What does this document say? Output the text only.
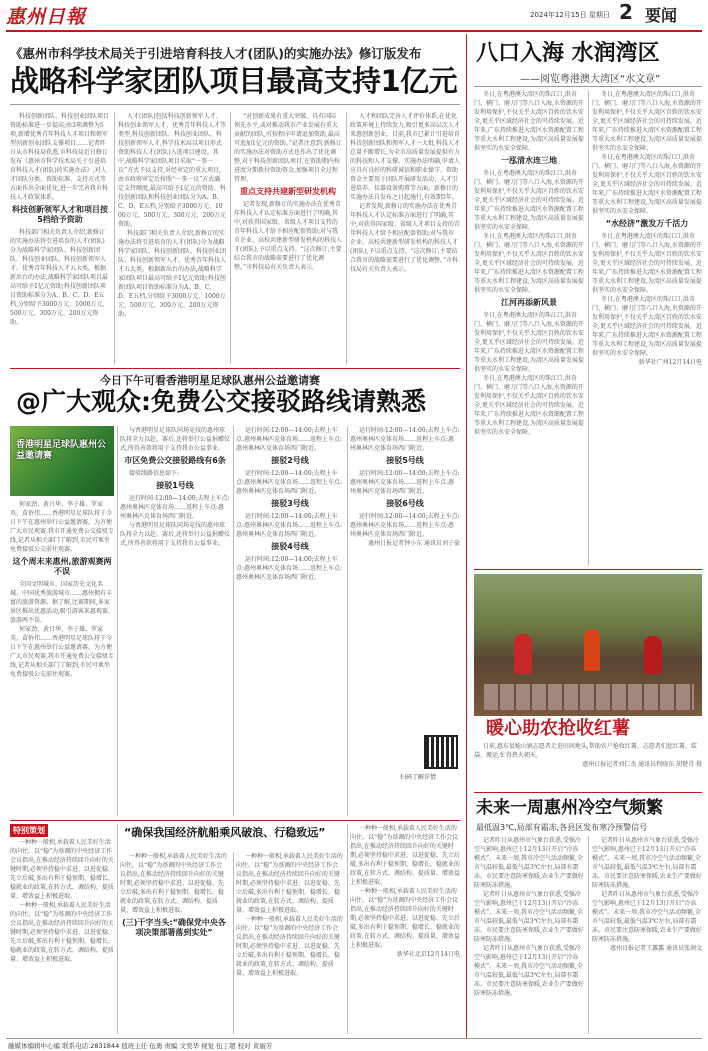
惠州日報	2024年12月15日 星期日 2 要闻
《惠州市科学技术局关于引进培育科技人才(团队)的实施办法》修订版发布
战略科学家团队项目最高支持1亿元

科技创新团队、科技创业团队项目资助标准进一步提高;由3项调整为5项,新增优秀青年科技人才项目和领军型创新创业团队支撑项目……记者昨日从市科技局获悉,市科技局近日修订发布《惠州市科学技术局关于引进培育科技人才(团队)的实施办法》,对人才团队分类、资助标准、支持方式等方面作出全面优化,进一步完善我市科技人才政策体系。

科技创新领军人才和项目按5档给予资助

科技部门相关负责人介绍,新修订的实施办法将引进培育的人才(团队)分为战略科学家团队、科技创新团队、科技创业团队、科技创新领军人才、优秀青年科技人才五大类。根据新出台的办法,战略科学家团队项目最高可给予1亿元资助;科技创新团队项目资助标准分为A、B、C、D、E五档,分别给予3000万元、1000万元、500万元、300万元、200万元资助。

人才(团队)包括科技创新领军人才、科技创业领军人才、优秀青年科技人才等类型,科技创新团队、科技创业团队、科技创新领军人才,科学技术局以项目形式资助科技人才(团队)入选项目建设。其中,战略科学家团队项目采取“一事一议”方式予以支持,对经审定的重大项目,由市政府审定后按照“一事一议”方式确定支持额度,最高可给予1亿元的资助。科技创新团队和科技创业团队分为A、B、C、D、E五档,分别给予3000万元、1000万元、500万元、300万元、200万元资助。

科技部门相关负责人介绍,新修订的实施办法将引进培育的人才(团队)分为战略科学家团队、科技创新团队、科技创业团队、科技创新领军人才、优秀青年科技人才五大类。根据新出台的办法,战略科学家团队项目最高可给予1亿元资助;科技创新团队项目资助标准分为A、B、C、D、E五档,分别给予3000万元、1000万元、500万元、300万元、200万元资助。

“对创新成果有重大突破、具有国际领先水平,或对推动我市产业发展有重大贡献的团队,可按程序申请追加资助,最高可追加1亿元的资助。”记者注意到,新修订的实施办法对资助方式也作出了优化调整,对于科技创新团队项目,在资助期内按进度分期拨付资助资金,加强项目全过程管理。

重点支持共建新型研发机构

记者发现,新修订的实施办法在优秀青年科技人才认定标准方面进行了明确,其中,对获得国家级、省级人才项目支持的青年科技人才给予相应配套资助;对与我市企业、高校共建新型研发机构的科技人才(团队),予以重点支持。“这次修订,主要结合我市的战略需要进行了优化调整。”市科技局有关负责人表示。

人才和团队完善人才评价体系,在优化政策环境上持续发力,吸引更多高层次人才来惠创新创业。目前,我市已累计引进培育科技创新团队和领军人才一大批,科技人才总量不断增长,为全市高质量发展提供有力的科技和人才支撑。实施办法明确,申请人应具有良好的科研诚信和职业操守。资助资金主要用于团队开展研发活动、人才引进培养、仪器设备购置等方面。新修订的实施办法自发布之日起施行,有效期5年。

记者发现,新修订的实施办法在优秀青年科技人才认定标准方面进行了明确,其中,对获得国家级、省级人才项目支持的青年科技人才给予相应配套资助;对与我市企业、高校共建新型研发机构的科技人才(团队),予以重点支持。“这次修订,主要结合我市的战略需要进行了优化调整。”市科技局有关负责人表示。

今日下午可看香港明星足球队惠州公益邀请赛
@广大观众:免费公交接驳路线请熟悉
香港明星足球队惠州公益邀请赛

何家劲、黄日华、李子雄、罗家英、苗侨伟……香港明星足球队将于今日下午在惠州举行公益邀请赛。为方便广大市民观赛,我市开通免费公交接驳专线,记者从相关部门了解到,市民可乘坐免费接驳公交前往观赛。

这个周末来惠州,旅游观赛两不误

全国文明城市、国家历史文化名城、中国优秀旅游城市……惠州拥有丰富的旅游资源。据了解,比赛期间,多家景区推出优惠活动,吸引游客来惠观赛、旅游两不误。

何家劲、黄日华、李子雄、罗家英、苗侨伟……香港明星足球队将于今日下午在惠州举行公益邀请赛。为方便广大市民观赛,我市开通免费公交接驳专线,记者从相关部门了解到,市民可乘坐免费接驳公交前往观赛。

与香港明星足球队同场竞技的惠州球队将全力以赴。赛后,还将举行公益捐赠仪式,所得善款将用于支持我市公益事业。

市区免费公交接驳路线有6条

接驳线路信息如下:

接驳1号线

运行时间:12:00—14:00;去程上车点:惠州奥林匹克体育场……返程上车点:惠州奥林匹克体育场西门附近。

与香港明星足球队同场竞技的惠州球队将全力以赴。赛后,还将举行公益捐赠仪式,所得善款将用于支持我市公益事业。

运行时间:12:00—14:00;去程上车点:惠州奥林匹克体育场……返程上车点:惠州奥林匹克体育场西门附近。

接驳2号线

运行时间:12:00—14:00;去程上车点:惠州奥林匹克体育场……返程上车点:惠州奥林匹克体育场西门附近。

接驳3号线

运行时间:12:00—14:00;去程上车点:惠州奥林匹克体育场……返程上车点:惠州奥林匹克体育场西门附近。

接驳4号线

运行时间:12:00—14:00;去程上车点:惠州奥林匹克体育场……返程上车点:惠州奥林匹克体育场西门附近。

运行时间:12:00—14:00;去程上车点:惠州奥林匹克体育场……返程上车点:惠州奥林匹克体育场西门附近。

接驳5号线

运行时间:12:00—14:00;去程上车点:惠州奥林匹克体育场……返程上车点:惠州奥林匹克体育场西门附近。

接驳6号线

运行时间:12:00—14:00;去程上车点:惠州奥林匹克体育场……返程上车点:惠州奥林匹克体育场西门附近。

惠州日报记者钟小东 通讯员刘子豪

扫码了解详情
特别策划

一种种一般相,承载着人民美好生活的向往。以“稳”为基调的中央经济工作会议指出,在推动经济持续回升向好的关键时期,必须坚持稳中求进、以进促稳、先立后破,多出有利于稳预期、稳增长、稳就业的政策,在转方式、调结构、提质量、增效益上积极进取。

一种种一般相,承载着人民美好生活的向往。以“稳”为基调的中央经济工作会议指出,在推动经济持续回升向好的关键时期,必须坚持稳中求进、以进促稳、先立后破,多出有利于稳预期、稳增长、稳就业的政策,在转方式、调结构、提质量、增效益上积极进取。

“确保我国经济航船乘风破浪、行稳致远”

一种种一般相,承载着人民美好生活的向往。以“稳”为基调的中央经济工作会议指出,在推动经济持续回升向好的关键时期,必须坚持稳中求进、以进促稳、先立后破,多出有利于稳预期、稳增长、稳就业的政策,在转方式、调结构、提质量、增效益上积极进取。

(三)干字当头:“确保党中央各项决策部署落到实处”

一种种一般相,承载着人民美好生活的向往。以“稳”为基调的中央经济工作会议指出,在推动经济持续回升向好的关键时期,必须坚持稳中求进、以进促稳、先立后破,多出有利于稳预期、稳增长、稳就业的政策,在转方式、调结构、提质量、增效益上积极进取。

一种种一般相,承载着人民美好生活的向往。以“稳”为基调的中央经济工作会议指出,在推动经济持续回升向好的关键时期,必须坚持稳中求进、以进促稳、先立后破,多出有利于稳预期、稳增长、稳就业的政策,在转方式、调结构、提质量、增效益上积极进取。

一种种一般相,承载着人民美好生活的向往。以“稳”为基调的中央经济工作会议指出,在推动经济持续回升向好的关键时期,必须坚持稳中求进、以进促稳、先立后破,多出有利于稳预期、稳增长、稳就业的政策,在转方式、调结构、提质量、增效益上积极进取。

一种种一般相,承载着人民美好生活的向往。以“稳”为基调的中央经济工作会议指出,在推动经济持续回升向好的关键时期,必须坚持稳中求进、以进促稳、先立后破,多出有利于稳预期、稳增长、稳就业的政策,在转方式、调结构、提质量、增效益上积极进取。

新华社北京12月14日电

八口入海 水润湾区
——阅览粤港澳大湾区“水文章”

冬日,在粤港澳大湾区的珠江口,洪奇门、横门、磨刀门等八口入海,水资源的开发利用保护,不仅关乎大湾区百姓的饮水安全,更关乎区域经济社会的可持续发展。近年来,广东持续推进大湾区水资源配置工程等重大水利工程建设,为湾区高质量发展提供坚实的水安全保障。

一泓清水连三地

冬日,在粤港澳大湾区的珠江口,洪奇门、横门、磨刀门等八口入海,水资源的开发利用保护,不仅关乎大湾区百姓的饮水安全,更关乎区域经济社会的可持续发展。近年来,广东持续推进大湾区水资源配置工程等重大水利工程建设,为湾区高质量发展提供坚实的水安全保障。

冬日,在粤港澳大湾区的珠江口,洪奇门、横门、磨刀门等八口入海,水资源的开发利用保护,不仅关乎大湾区百姓的饮水安全,更关乎区域经济社会的可持续发展。近年来,广东持续推进大湾区水资源配置工程等重大水利工程建设,为湾区高质量发展提供坚实的水安全保障。

江河再添新风景

冬日,在粤港澳大湾区的珠江口,洪奇门、横门、磨刀门等八口入海,水资源的开发利用保护,不仅关乎大湾区百姓的饮水安全,更关乎区域经济社会的可持续发展。近年来,广东持续推进大湾区水资源配置工程等重大水利工程建设,为湾区高质量发展提供坚实的水安全保障。

冬日,在粤港澳大湾区的珠江口,洪奇门、横门、磨刀门等八口入海,水资源的开发利用保护,不仅关乎大湾区百姓的饮水安全,更关乎区域经济社会的可持续发展。近年来,广东持续推进大湾区水资源配置工程等重大水利工程建设,为湾区高质量发展提供坚实的水安全保障。

冬日,在粤港澳大湾区的珠江口,洪奇门、横门、磨刀门等八口入海,水资源的开发利用保护,不仅关乎大湾区百姓的饮水安全,更关乎区域经济社会的可持续发展。近年来,广东持续推进大湾区水资源配置工程等重大水利工程建设,为湾区高质量发展提供坚实的水安全保障。

冬日,在粤港澳大湾区的珠江口,洪奇门、横门、磨刀门等八口入海,水资源的开发利用保护,不仅关乎大湾区百姓的饮水安全,更关乎区域经济社会的可持续发展。近年来,广东持续推进大湾区水资源配置工程等重大水利工程建设,为湾区高质量发展提供坚实的水安全保障。

“水经济”激发万千活力

冬日,在粤港澳大湾区的珠江口,洪奇门、横门、磨刀门等八口入海,水资源的开发利用保护,不仅关乎大湾区百姓的饮水安全,更关乎区域经济社会的可持续发展。近年来,广东持续推进大湾区水资源配置工程等重大水利工程建设,为湾区高质量发展提供坚实的水安全保障。

冬日,在粤港澳大湾区的珠江口,洪奇门、横门、磨刀门等八口入海,水资源的开发利用保护,不仅关乎大湾区百姓的饮水安全,更关乎区域经济社会的可持续发展。近年来,广东持续推进大湾区水资源配置工程等重大水利工程建设,为湾区高质量发展提供坚实的水安全保障。

新华社广州12月14日电

暖心助农抢收红薯

日前,惠东县稔山镇志愿者走进田间地头,帮助农户抢收红薯。志愿者们挖红薯、装袋、搬运,忙得热火朝天。

惠州日报记者刘仁杰 通讯员程晓东 胡楚青 摄

未来一周惠州冷空气频繁
最低温3℃,局部有霜冻,各县区发布寒冷预警信号

记者昨日从惠州市气象台获悉,受强冷空气影响,惠州已于12月13日开启“冷冻模式”。未来一周,我市冷空气活动频繁,全市气温较低,最低气温3℃左右,局部有霜冻。市民要注意防寒保暖,农业生产要做好防寒防冻措施。

记者昨日从惠州市气象台获悉,受强冷空气影响,惠州已于12月13日开启“冷冻模式”。未来一周,我市冷空气活动频繁,全市气温较低,最低气温3℃左右,局部有霜冻。市民要注意防寒保暖,农业生产要做好防寒防冻措施。

记者昨日从惠州市气象台获悉,受强冷空气影响,惠州已于12月13日开启“冷冻模式”。未来一周,我市冷空气活动频繁,全市气温较低,最低气温3℃左右,局部有霜冻。市民要注意防寒保暖,农业生产要做好防寒防冻措施。

记者昨日从惠州市气象台获悉,受强冷空气影响,惠州已于12月13日开启“冷冻模式”。未来一周,我市冷空气活动频繁,全市气温较低,最低气温3℃左右,局部有霜冻。市民要注意防寒保暖,农业生产要做好防寒防冻措施。

记者昨日从惠州市气象台获悉,受强冷空气影响,惠州已于12月13日开启“冷冻模式”。未来一周,我市冷空气活动频繁,全市气温较低,最低气温3℃左右,局部有霜冻。市民要注意防寒保暖,农业生产要做好防寒防冻措施。

惠州日报记者王露露 通讯员张润文

融媒体编辑中心编 联系电话:2831844 值班主任 伍勇 责编 文奕华 视觉 伍丁超 校对 黄丽芳
